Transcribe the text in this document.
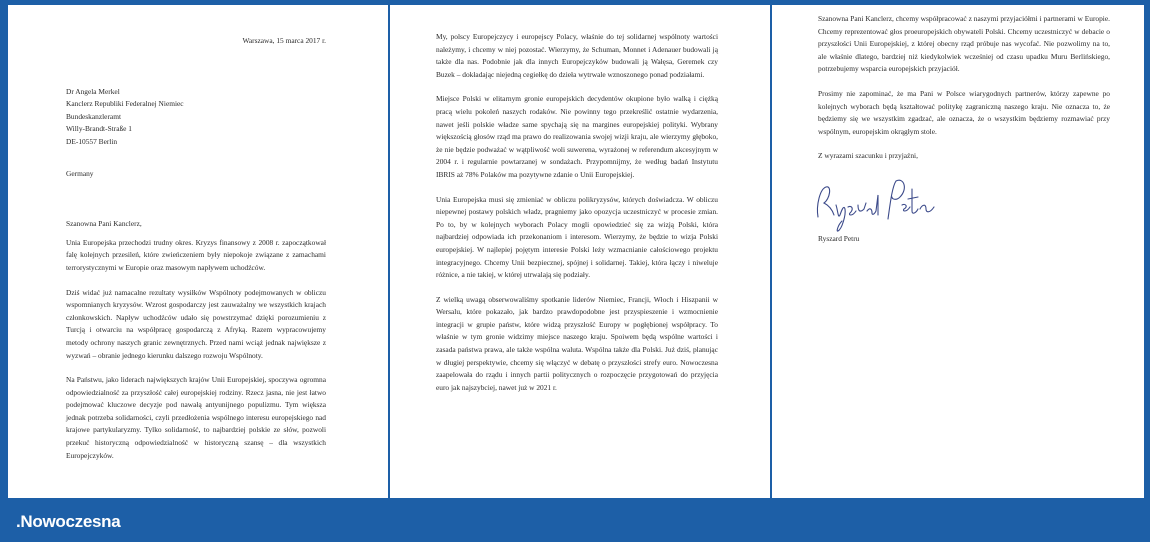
Warszawa, 15 marca 2017 r.
Dr Angela Merkel
Kanclerz Republiki Federalnej Niemiec
Bundeskanzleramt
Willy-Brandt-Straße 1
DE-10557 Berlin
Germany
Szanowna Pani Kanclerz,

Unia Europejska przechodzi trudny okres. Kryzys finansowy z 2008 r. zapoczątkował falę kolejnych przesileń, które zwieńczeniem były niepokoje związane z zamachami terrorystycznymi w Europie oraz masowym napływem uchodźców.

Dziś widać już namacalne rezultaty wysiłków Wspólnoty podejmowanych w obliczu wspomnianych kryzysów. Wzrost gospodarczy jest zauważalny we wszystkich krajach członkowskich. Napływ uchodźców udało się powstrzymać dzięki porozumieniu z Turcją i otwarciu na współpracę gospodarczą z Afryką. Razem wypracowujemy metody ochrony naszych granic zewnętrznych. Przed nami wciąż jednak największe z wyzwań – obranie jednego kierunku dalszego rozwoju Wspólnoty.

Na Państwu, jako liderach największych krajów Unii Europejskiej, spoczywa ogromna odpowiedzialność za przyszłość całej europejskiej rodziny. Rzecz jasna, nie jest łatwo podejmować kluczowe decyzje pod nawałą antyunijnego populizmu. Tym większa jednak potrzeba solidarności, czyli przedłożenia wspólnego interesu europejskiego nad krajowe partykularyzmy. Tylko solidarność, to najbardziej polskie ze słów, pozwoli przekuć historyczną odpowiedzialność w historyczną szansę – dla wszystkich Europejczyków.

My, polscy Europejczycy i europejscy Polacy, właśnie do tej solidarnej wspólnoty wartości należymy, i chcemy w niej pozostać. Wierzymy, że Schuman, Monnet i Adenauer budowali ją także dla nas. Podobnie jak dla innych Europejczyków budowali ją Wałęsa, Geremek czy Buzek – dokładając niejedną cegiełkę do dzieła wytrwale wznoszonego ponad podziałami.

Miejsce Polski w elitarnym gronie europejskich decydentów okupione było walką i ciężką pracą wielu pokoleń naszych rodaków. Nie powinny tego przekreślić ostatnie wydarzenia, nawet jeśli polskie władze same spychają się na margines europejskiej polityki. Wybrany większością głosów rząd ma prawo do realizowania swojej wizji kraju, ale wierzymy głęboko, że nie będzie podważać w wątpliwość woli suwerena, wyrażonej w referendum akcesyjnym w 2004 r. i regularnie powtarzanej w sondażach. Przypomnijmy, że według badań Instytutu IBRIS aż 78% Polaków ma pozytywne zdanie o Unii Europejskiej.

Unia Europejska musi się zmieniać w obliczu polikryzysów, których doświadcza. W obliczu niepewnej postawy polskich władz, pragniemy jako opozycja uczestniczyć w procesie zmian. Po to, by w kolejnych wyborach Polacy mogli opowiedzieć się za wizją Polski, która najbardziej odpowiada ich przekonaniom i interesom. Wierzymy, że będzie to wizja Polski europejskiej. W najlepiej pojętym interesie Polski leży wzmacnianie całościowego projektu integracyjnego. Chcemy Unii bezpiecznej, spójnej i solidarnej. Takiej, która łączy i niweluje różnice, a nie takiej, w której utrwalają się podziały.

Z wielką uwagą obserwowaliśmy spotkanie liderów Niemiec, Francji, Włoch i Hiszpanii w Wersalu, które pokazało, jak bardzo prawdopodobne jest przyspieszenie i wzmocnienie integracji w grupie państw, które widzą przyszłość Europy w pogłębionej współpracy. To właśnie w tym gronie widzimy miejsce naszego kraju. Spoiwem będą wspólne wartości i zasada państwa prawa, ale także wspólna waluta. Wspólna także dla Polski. Już dziś, planując w długiej perspektywie, chcemy się włączyć w debatę o przyszłości strefy euro. Nowoczesna zaapelowała do rządu i innych partii politycznych o rozpoczęcie przygotowań do przyjęcia euro jak najszybciej, nawet już w 2021 r.

Szanowna Pani Kanclerz, chcemy współpracować z naszymi przyjaciółmi i partnerami w Europie. Chcemy reprezentować głos proeuropejskich obywateli Polski. Chcemy uczestniczyć w debacie o przyszłości Unii Europejskiej, z której obecny rząd próbuje nas wycofać. Nie pozwolimy na to, ale właśnie dlatego, bardziej niż kiedykolwiek wcześniej od czasu upadku Muru Berlińskiego, potrzebujemy wsparcia europejskich przyjaciół.

Prosimy nie zapominać, że ma Pani w Polsce wiarygodnych partnerów, którzy zapewne po kolejnych wyborach będą kształtować politykę zagraniczną naszego kraju. Nie oznacza to, że będziemy się we wszystkim zgadzać, ale oznacza, że o wszystkim będziemy rozmawiać przy wspólnym, europejskim okrągłym stole.

Z wyrazami szacunku i przyjaźni,
Ryszard Petru
.Nowoczesna
